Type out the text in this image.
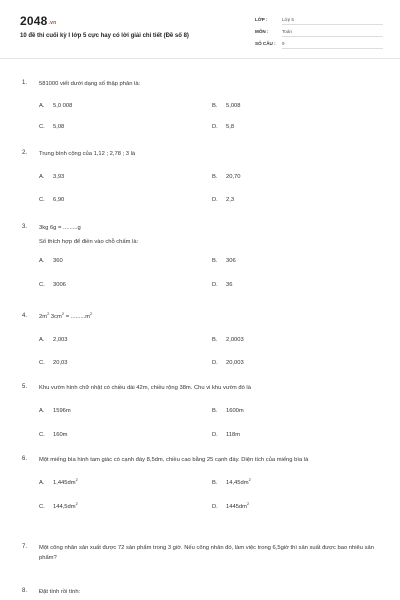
2048.vn
10 đề thi cuối kỳ I lớp 5 cực hay có lời giải chi tiết (Đề số 8)
LỚP :	Lớp 5
MÔN :	Toán
SỐ CÂU : 9
1. 581000 viết dưới dạng số thập phân là:
A. 5,0 008	B. 5,008
C. 5,08	D. 5,8
2. Trung bình cộng của 1,12 ; 2,78 ; 3 là
A. 3,93	B. 20,70
C. 6,90	D. 2,3
3. 3kg 6g = .........g
Số thích hợp để điền vào chỗ chấm là:
A. 360	B. 306
C. 3006	D. 36
4. $2m^2$ $3cm^2 = .........m^2$
A. 2,003	B. 2,0003
C. 20,03	D. 20,003
5. Khu vườn hình chữ nhật có chiều dài 42m, chiều rộng 38m. Chu vi khu vườn đó là
A. 1596m	B. 1600m
C. 160m	D. 118m
6. Một miếng bìa hình tam giác có cạnh đáy 8,5dm, chiều cao bằng 25 cạnh đáy. Diện tích của miếng bìa là
A. $1,445dm^2$
B. $14,45dm^2$
C. $144,5dm^2$
D. $1445dm^2$
7. Một công nhân sản xuất được 72 sản phẩm trong 3 giờ. Nếu công nhân đó, làm việc trong 6,5giờ thì sản xuất được bao nhiêu sản phẩm?
8. Đặt tính rồi tính:
